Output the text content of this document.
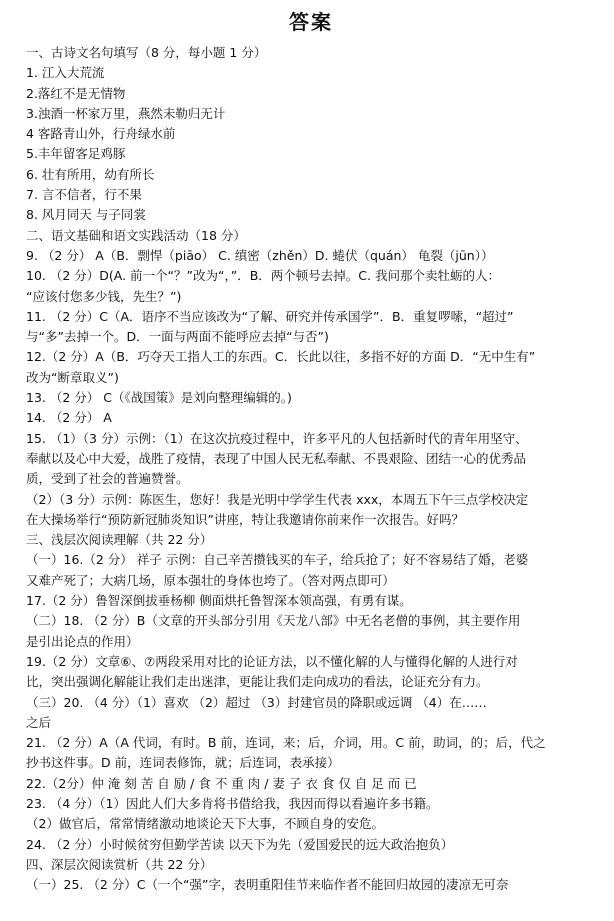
答案
一、古诗文名句填写（8 分，每小题 1 分）
1. 江入大荒流
2.落红不是无情物
3.浊酒一杯家万里，燕然未勒归无计
4 客路青山外，行舟绿水前
5.丰年留客足鸡豚
6. 壮有所用，幼有所长
7. 言不信者，行不果
8. 风月同天 与子同裳
二、语文基础和语文实践活动（18 分）
9. （2 分） A（B．剽悍（piāo） C. 缜密（zhěn）D. 蜷伏（quán） 龟裂（jūn））
10. （2 分）D(A. 前一个“？”改为“，”．B．两个顿号去掉。C. 我问那个卖牡蛎的人：
“应该付您多少钱，先生？”)
11. （2 分）C（A．语序不当应该改为“了解、研究并传承国学”．B．重复啰嗦，“超过”
与“多”去掉一个。D．一面与两面不能呼应去掉“与否”)
12.（2 分）A（B．巧夺天工指人工的东西。C．长此以往，多指不好的方面 D．“无中生有”
改为“断章取义”)
13. （2 分） C（《战国策》是刘向整理编辑的。)
14. （2 分） A
15. （1）（3 分）示例：（1）在这次抗疫过程中，许多平凡的人包括新时代的青年用坚守、
奉献以及心中大爱，战胜了疫情，表现了中国人民无私奉献、不畏艰险、团结一心的优秀品
质，受到了社会的普遍赞誉。
（2）（3 分）示例：陈医生，您好！我是光明中学学生代表 xxx，本周五下午三点学校决定
在大操场举行“预防新冠肺炎知识”讲座，特让我邀请你前来作一次报告。好吗？
三、浅层次阅读理解（共 22 分）
（一）16.（2 分） 祥子 示例：自己辛苦攒钱买的车子，给兵抢了；好不容易结了婚，老婆
又难产死了；大病几场，原本强壮的身体也垮了。（答对两点即可）
17.（2 分）鲁智深倒拔垂杨柳 侧面烘托鲁智深本领高强，有勇有谋。
（二）18. （2 分）B（文章的开头部分引用《天龙八部》中无名老僧的事例，其主要作用
是引出论点的作用）
19.（2 分）文章⑥、⑦两段采用对比的论证方法，以不懂化解的人与懂得化解的人进行对
比，突出强调化解能让我们走出迷津，更能让我们走向成功的看法，论证充分有力。
（三）20. （4 分）（1）喜欢 （2）超过 （3）封建官员的降职或远调 （4）在……
之后
21. （2 分）A（A 代词，有时。B 前，连词，来；后，介词，用。C 前，助词，的；后，代之
抄书这件事。D 前，连词表修饰，就；后连词，表承接）
22.（2分）仲 淹 刻 苦 自 励 / 食 不 重 肉 / 妻 子 衣 食 仅 自 足 而 已
23. （4 分）（1）因此人们大多肯将书借给我，我因而得以看遍许多书籍。
（2）做官后，常常情绪激动地谈论天下大事，不顾自身的安危。
24. （2 分）小时候贫穷但勤学苦读 以天下为先（爱国爱民的远大政治抱负）
四、深层次阅读赏析（共 22 分）
（一）25. （2 分）C（一个“强”字，表明重阳佳节来临作者不能回归故园的凄凉无可奈
